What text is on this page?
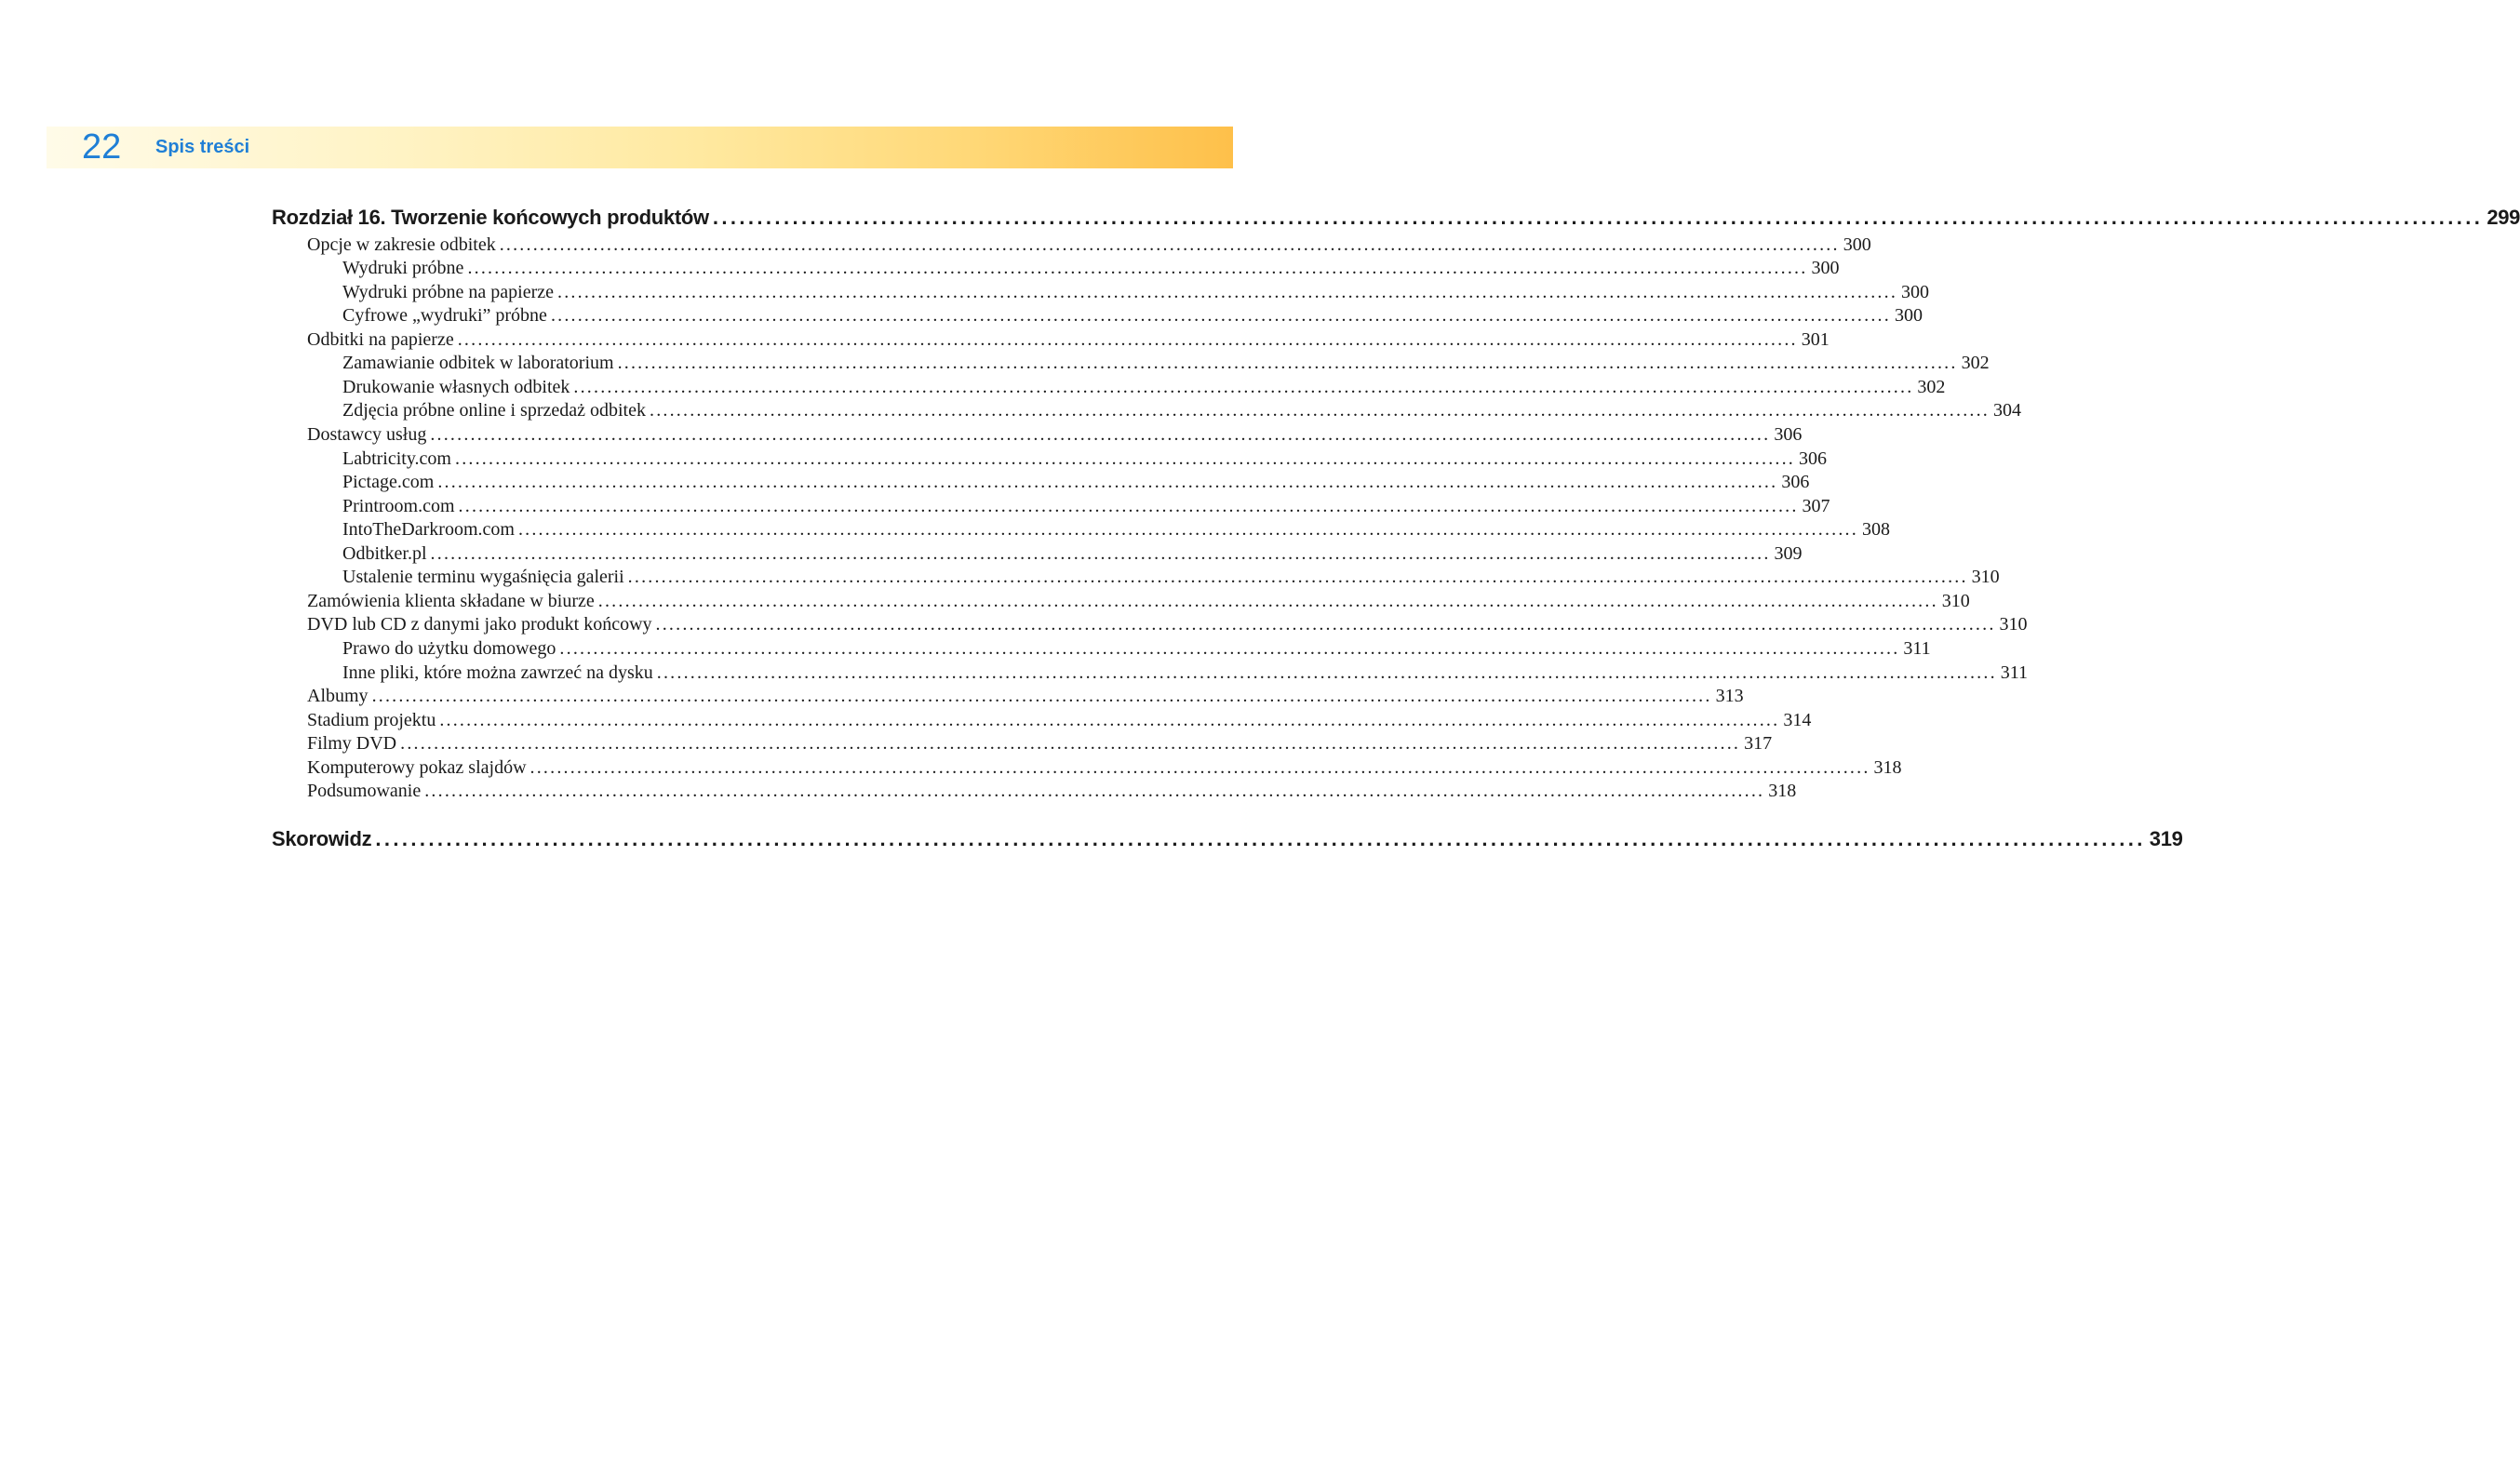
22 Spis treści
Rozdział 16. Tworzenie końcowych produktów ........................................................................................................................................................................................................ 299
Opcje w zakresie odbitek ........................................................................................................................................................................................................ 300
Wydruki próbne ........................................................................................................................................................................................................ 300
Wydruki próbne na papierze ........................................................................................................................................................................................................ 300
Cyfrowe „wydruki” próbne ........................................................................................................................................................................................................ 300
Odbitki na papierze ........................................................................................................................................................................................................ 301
Zamawianie odbitek w laboratorium ........................................................................................................................................................................................................ 302
Drukowanie własnych odbitek ........................................................................................................................................................................................................ 302
Zdjęcia próbne online i sprzedaż odbitek ........................................................................................................................................................................................................ 304
Dostawcy usług ........................................................................................................................................................................................................ 306
Labtricity.com ........................................................................................................................................................................................................ 306
Pictage.com ........................................................................................................................................................................................................ 306
Printroom.com ........................................................................................................................................................................................................ 307
IntoTheDarkroom.com ........................................................................................................................................................................................................ 308
Odbitker.pl ........................................................................................................................................................................................................ 309
Ustalenie terminu wygaśnięcia galerii ........................................................................................................................................................................................................ 310
Zamówienia klienta składane w biurze ........................................................................................................................................................................................................ 310
DVD lub CD z danymi jako produkt końcowy ........................................................................................................................................................................................................ 310
Prawo do użytku domowego ........................................................................................................................................................................................................ 311
Inne pliki, które można zawrzeć na dysku ........................................................................................................................................................................................................ 311
Albumy ........................................................................................................................................................................................................ 313
Stadium projektu ........................................................................................................................................................................................................ 314
Filmy DVD ........................................................................................................................................................................................................ 317
Komputerowy pokaz slajdów ........................................................................................................................................................................................................ 318
Podsumowanie ........................................................................................................................................................................................................ 318
Skorowidz ........................................................................................................................................................................................................ 319
